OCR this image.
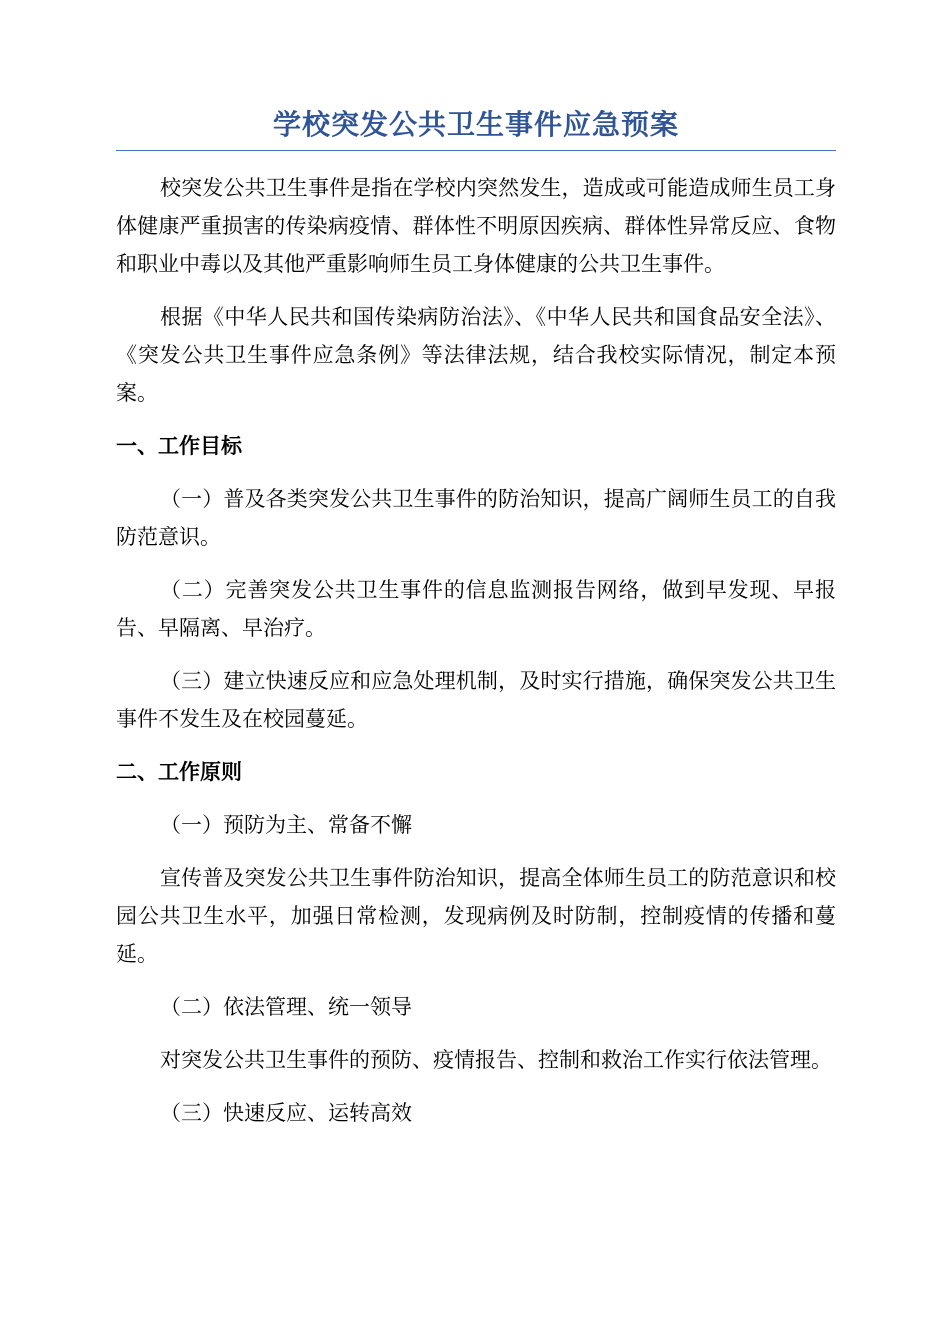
学校突发公共卫生事件应急预案

校突发公共卫生事件是指在学校内突然发生，造成或可能造成师生员工身体健康严重损害的传染病疫情、群体性不明原因疾病、群体性异常反应、食物和职业中毒以及其他严重影响师生员工身体健康的公共卫生事件。

根据《中华人民共和国传染病防治法》、《中华人民共和国食品安全法》、《突发公共卫生事件应急条例》等法律法规，结合我校实际情况，制定本预案。

一、工作目标

（一）普及各类突发公共卫生事件的防治知识，提高广阔师生员工的自我防范意识。

（二）完善突发公共卫生事件的信息监测报告网络，做到早发现、早报告、早隔离、早治疗。

（三）建立快速反应和应急处理机制，及时实行措施，确保突发公共卫生事件不发生及在校园蔓延。

二、工作原则

（一）预防为主、常备不懈

宣传普及突发公共卫生事件防治知识，提高全体师生员工的防范意识和校园公共卫生水平，加强日常检测，发现病例及时防制，控制疫情的传播和蔓延。

（二）依法管理、统一领导

对突发公共卫生事件的预防、疫情报告、控制和救治工作实行依法管理。

（三）快速反应、运转高效
